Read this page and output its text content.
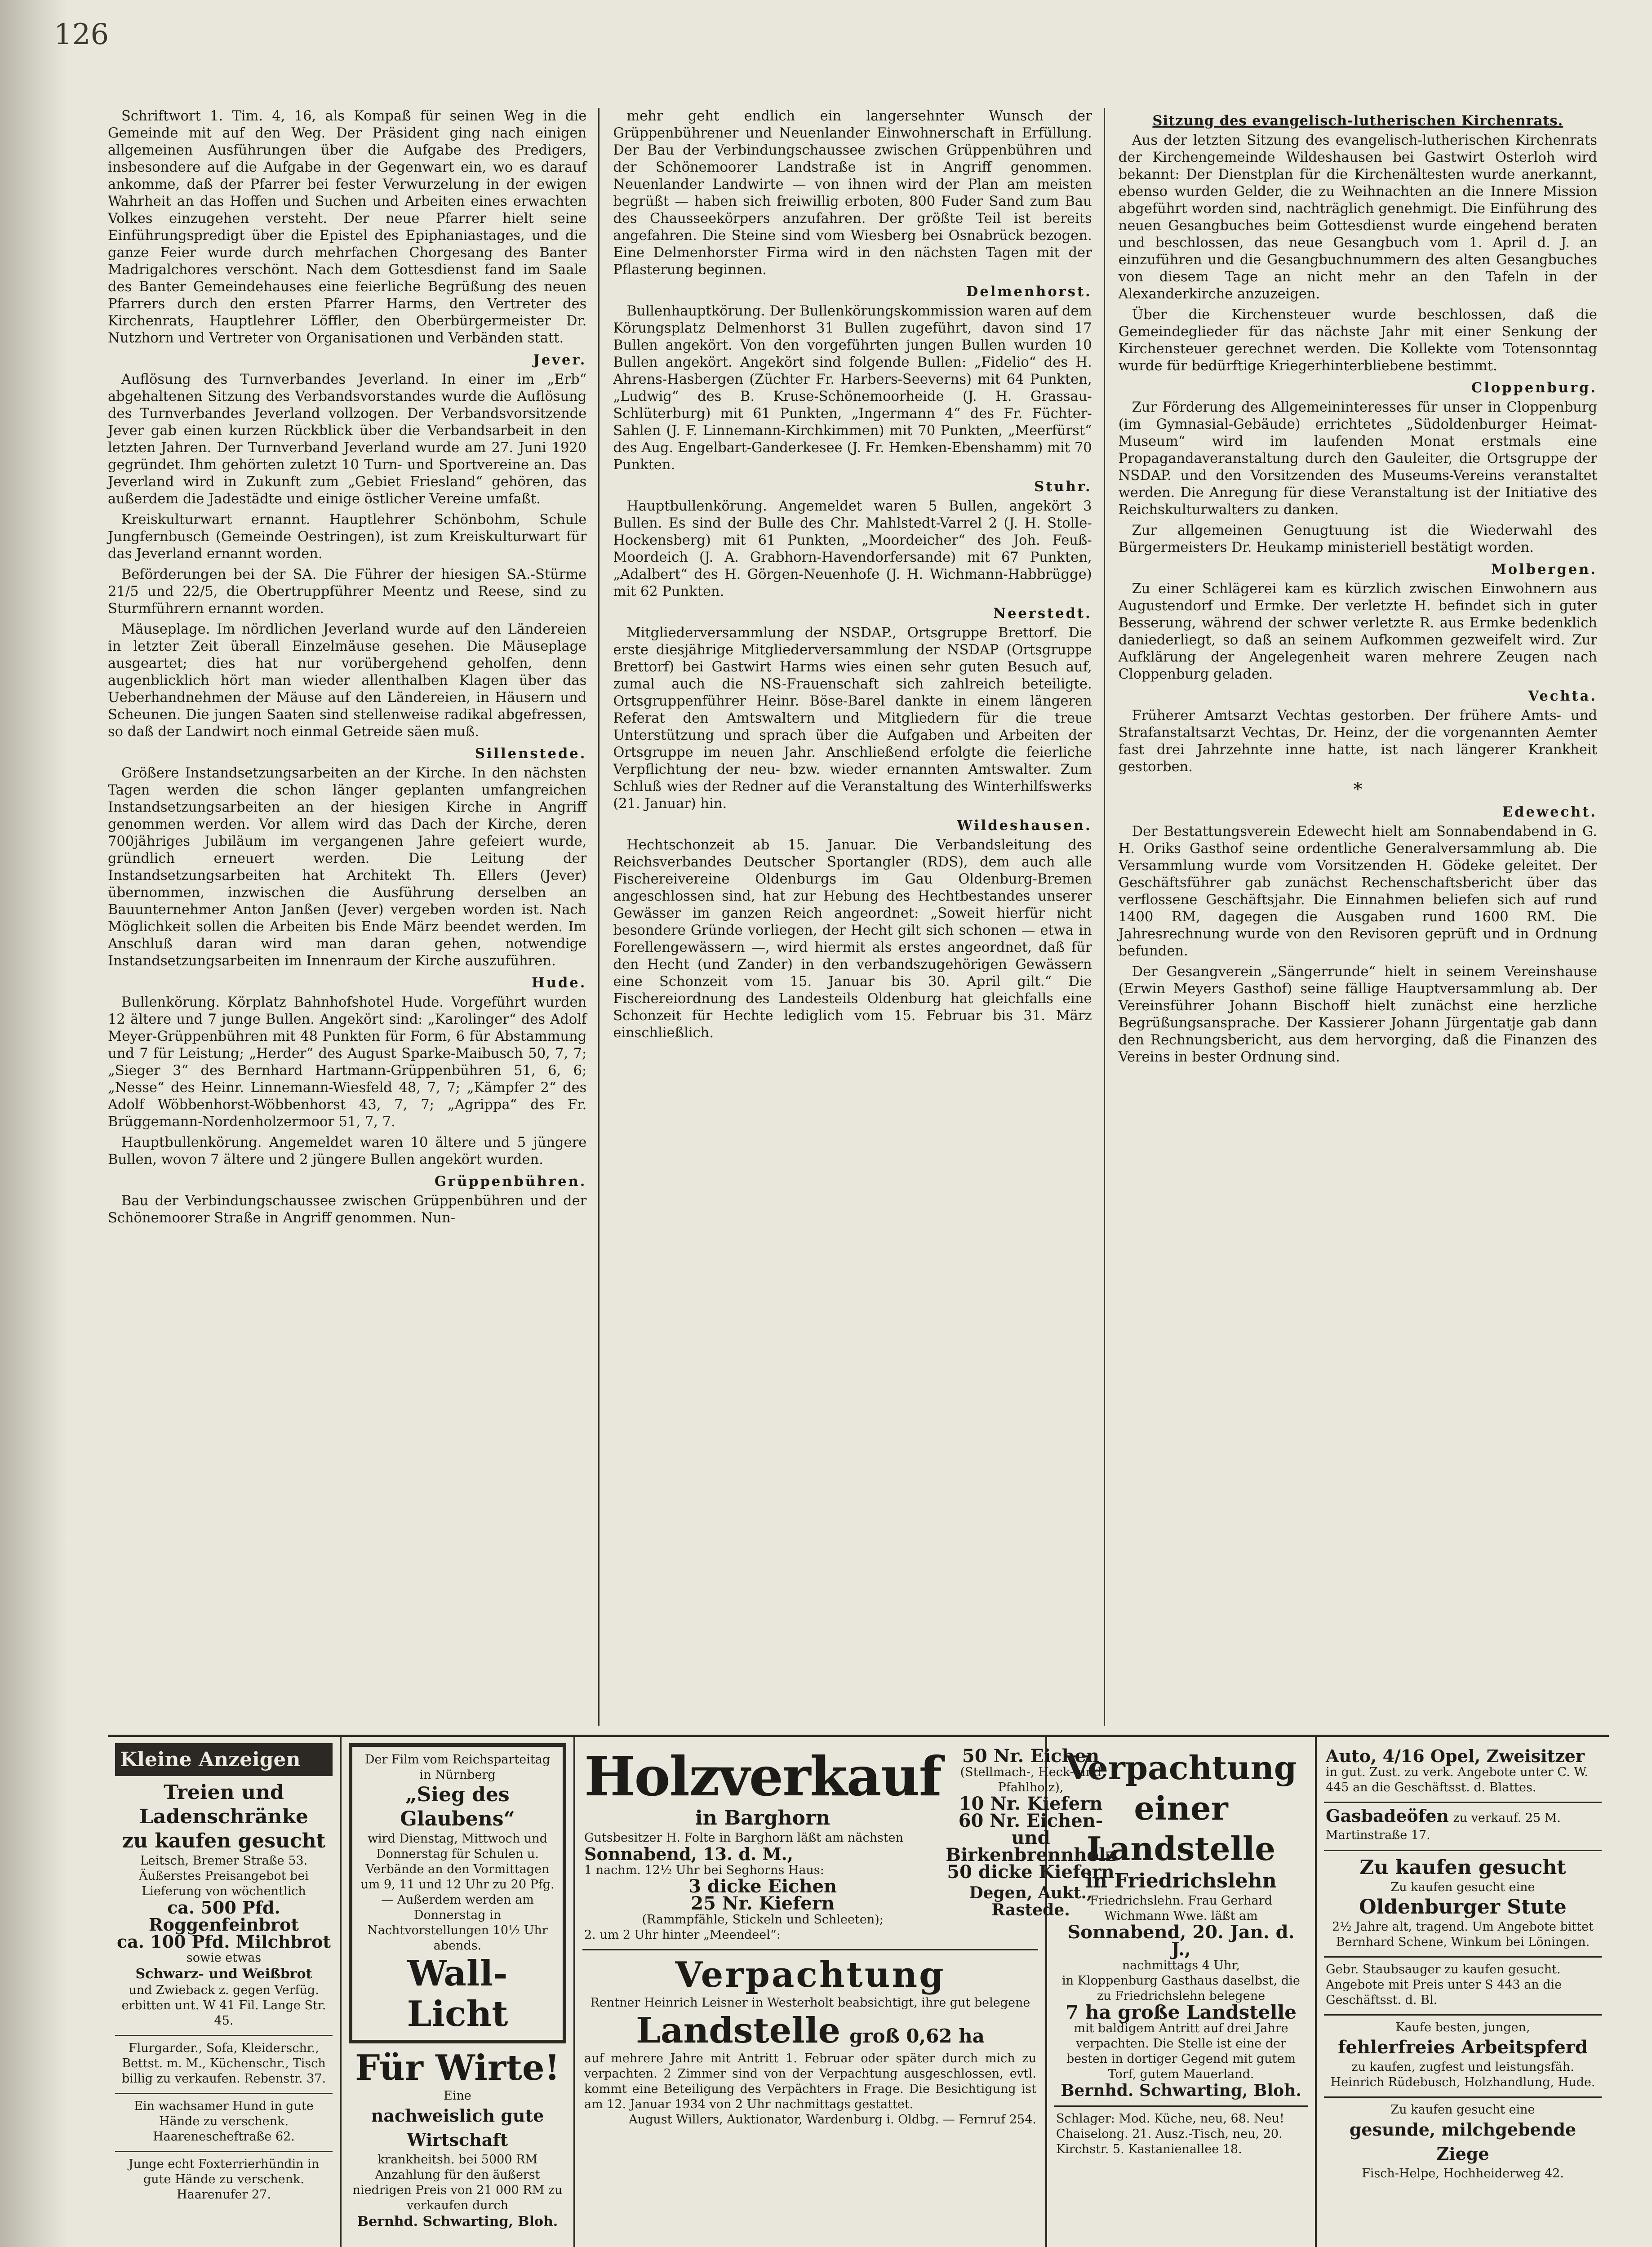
126

Schriftwort 1. Tim. 4, 16, als Kompaß für seinen Weg in die Gemeinde mit auf den Weg. Der Präsident ging nach einigen allgemeinen Ausführungen über die Aufgabe des Predigers, insbesondere auf die Aufgabe in der Gegenwart ein, wo es darauf ankomme, daß der Pfarrer bei fester Verwurzelung in der ewigen Wahrheit an das Hoffen und Suchen und Arbeiten eines erwachten Volkes einzugehen versteht. Der neue Pfarrer hielt seine Einführungspredigt über die Epistel des Epiphaniastages, und die ganze Feier wurde durch mehrfachen Chorgesang des Banter Madrigalchores verschönt. Nach dem Gottesdienst fand im Saale des Banter Gemeindehauses eine feierliche Begrüßung des neuen Pfarrers durch den ersten Pfarrer Harms, den Vertreter des Kirchenrats, Hauptlehrer Löffler, den Oberbürgermeister Dr. Nutzhorn und Vertreter von Organisationen und Verbänden statt.

Jever.

Auflösung des Turnverbandes Jeverland. In einer im „Erb“ abgehaltenen Sitzung des Verbandsvorstandes wurde die Auflösung des Turnverbandes Jeverland vollzogen. Der Verbandsvorsitzende Jever gab einen kurzen Rückblick über die Verbandsarbeit in den letzten Jahren. Der Turnverband Jeverland wurde am 27. Juni 1920 gegründet. Ihm gehörten zuletzt 10 Turn- und Sportvereine an. Das Jeverland wird in Zukunft zum „Gebiet Friesland“ gehören, das außerdem die Jadestädte und einige östlicher Vereine umfaßt.

Kreiskulturwart ernannt. Hauptlehrer Schönbohm, Schule Jungfernbusch (Gemeinde Oestringen), ist zum Kreiskulturwart für das Jeverland ernannt worden.

Beförderungen bei der SA. Die Führer der hiesigen SA.-Stürme 21/5 und 22/5, die Obertruppführer Meentz und Reese, sind zu Sturmführern ernannt worden.

Mäuseplage. Im nördlichen Jeverland wurde auf den Ländereien in letzter Zeit überall Einzelmäuse gesehen. Die Mäuseplage ausgeartet; dies hat nur vorübergehend geholfen, denn augenblicklich hört man wieder allenthalben Klagen über das Ueberhandnehmen der Mäuse auf den Ländereien, in Häusern und Scheunen. Die jungen Saaten sind stellenweise radikal abgefressen, so daß der Landwirt noch einmal Getreide säen muß.

Sillenstede.

Größere Instandsetzungsarbeiten an der Kirche. In den nächsten Tagen werden die schon länger geplanten umfangreichen Instandsetzungsarbeiten an der hiesigen Kirche in Angriff genommen werden. Vor allem wird das Dach der Kirche, deren 700jähriges Jubiläum im vergangenen Jahre gefeiert wurde, gründlich erneuert werden. Die Leitung der Instandsetzungsarbeiten hat Architekt Th. Ellers (Jever) übernommen, inzwischen die Ausführung derselben an Bauunternehmer Anton Janßen (Jever) vergeben worden ist. Nach Möglichkeit sollen die Arbeiten bis Ende März beendet werden. Im Anschluß daran wird man daran gehen, notwendige Instandsetzungsarbeiten im Innenraum der Kirche auszuführen.

Hude.

Bullenkörung. Körplatz Bahnhofshotel Hude. Vorgeführt wurden 12 ältere und 7 junge Bullen. Angekört sind: „Karolinger“ des Adolf Meyer-Grüppenbühren mit 48 Punkten für Form, 6 für Abstammung und 7 für Leistung; „Herder“ des August Sparke-Maibusch 50, 7, 7; „Sieger 3“ des Bernhard Hartmann-Grüppenbühren 51, 6, 6; „Nesse“ des Heinr. Linnemann-Wiesfeld 48, 7, 7; „Kämpfer 2“ des Adolf Wöbbenhorst-Wöbbenhorst 43, 7, 7; „Agrippa“ des Fr. Brüggemann-Nordenholzermoor 51, 7, 7.

Hauptbullenkörung. Angemeldet waren 10 ältere und 5 jüngere Bullen, wovon 7 ältere und 2 jüngere Bullen angekört wurden.

Grüppenbühren.

Bau der Verbindungschaussee zwischen Grüppenbühren und der Schönemoorer Straße in Angriff genommen. Nun-

mehr geht endlich ein langersehnter Wunsch der Grüppenbührener und Neuenlander Einwohnerschaft in Erfüllung. Der Bau der Verbindungschaussee zwischen Grüppenbühren und der Schönemoorer Landstraße ist in Angriff genommen. Neuenlander Landwirte — von ihnen wird der Plan am meisten begrüßt — haben sich freiwillig erboten, 800 Fuder Sand zum Bau des Chausseekörpers anzufahren. Der größte Teil ist bereits angefahren. Die Steine sind vom Wiesberg bei Osnabrück bezogen. Eine Delmenhorster Firma wird in den nächsten Tagen mit der Pflasterung beginnen.

Delmenhorst.

Bullenhauptkörung. Der Bullenkörungskommission waren auf dem Körungsplatz Delmenhorst 31 Bullen zugeführt, davon sind 17 Bullen angekört. Von den vorgeführten jungen Bullen wurden 10 Bullen angekört. Angekört sind folgende Bullen: „Fidelio“ des H. Ahrens-Hasbergen (Züchter Fr. Harbers-Seeverns) mit 64 Punkten, „Ludwig“ des B. Kruse-Schönemoorheide (J. H. Grassau-Schlüterburg) mit 61 Punkten, „Ingermann 4“ des Fr. Füchter-Sahlen (J. F. Linnemann-Kirchkimmen) mit 70 Punkten, „Meerfürst“ des Aug. Engelbart-Ganderkesee (J. Fr. Hemken-Ebenshamm) mit 70 Punkten.

Stuhr.

Hauptbullenkörung. Angemeldet waren 5 Bullen, angekört 3 Bullen. Es sind der Bulle des Chr. Mahlstedt-Varrel 2 (J. H. Stolle-Hockensberg) mit 61 Punkten, „Moordeicher“ des Joh. Feuß-Moordeich (J. A. Grabhorn-Havendorfersande) mit 67 Punkten, „Adalbert“ des H. Görgen-Neuenhofe (J. H. Wichmann-Habbrügge) mit 62 Punkten.

Neerstedt.

Mitgliederversammlung der NSDAP., Ortsgruppe Brettorf. Die erste diesjährige Mitgliederversammlung der NSDAP (Ortsgruppe Brettorf) bei Gastwirt Harms wies einen sehr guten Besuch auf, zumal auch die NS-Frauenschaft sich zahlreich beteiligte. Ortsgruppenführer Heinr. Böse-Barel dankte in einem längeren Referat den Amtswaltern und Mitgliedern für die treue Unterstützung und sprach über die Aufgaben und Arbeiten der Ortsgruppe im neuen Jahr. Anschließend erfolgte die feierliche Verpflichtung der neu- bzw. wieder ernannten Amtswalter. Zum Schluß wies der Redner auf die Veranstaltung des Winterhilfswerks (21. Januar) hin.

Wildeshausen.

Hechtschonzeit ab 15. Januar. Die Verbandsleitung des Reichsverbandes Deutscher Sportangler (RDS), dem auch alle Fischereivereine Oldenburgs im Gau Oldenburg-Bremen angeschlossen sind, hat zur Hebung des Hechtbestandes unserer Gewässer im ganzen Reich angeordnet: „Soweit hierfür nicht besondere Gründe vorliegen, der Hecht gilt sich schonen — etwa in Forellengewässern —, wird hiermit als erstes angeordnet, daß für den Hecht (und Zander) in den verbandszugehörigen Gewässern eine Schonzeit vom 15. Januar bis 30. April gilt.“ Die Fischereiordnung des Landesteils Oldenburg hat gleichfalls eine Schonzeit für Hechte lediglich vom 15. Februar bis 31. März einschließlich.

Sitzung des evangelisch-lutherischen Kirchenrats.

Aus der letzten Sitzung des evangelisch-lutherischen Kirchenrats der Kirchengemeinde Wildeshausen bei Gastwirt Osterloh wird bekannt: Der Dienstplan für die Kirchenältesten wurde anerkannt, ebenso wurden Gelder, die zu Weihnachten an die Innere Mission abgeführt worden sind, nachträglich genehmigt. Die Einführung des neuen Gesangbuches beim Gottesdienst wurde eingehend beraten und beschlossen, das neue Gesangbuch vom 1. April d. J. an einzuführen und die Gesangbuchnummern des alten Gesangbuches von diesem Tage an nicht mehr an den Tafeln in der Alexanderkirche anzuzeigen.

Über die Kirchensteuer wurde beschlossen, daß die Gemeindeglieder für das nächste Jahr mit einer Senkung der Kirchensteuer gerechnet werden. Die Kollekte vom Totensonntag wurde für bedürftige Kriegerhinterbliebene bestimmt.

Cloppenburg.

Zur Förderung des Allgemeininteresses für unser in Cloppenburg (im Gymnasial-Gebäude) errichtetes „Südoldenburger Heimat-Museum“ wird im laufenden Monat erstmals eine Propagandaveranstaltung durch den Gauleiter, die Ortsgruppe der NSDAP. und den Vorsitzenden des Museums-Vereins veranstaltet werden. Die Anregung für diese Veranstaltung ist der Initiative des Reichskulturwalters zu danken.

Zur allgemeinen Genugtuung ist die Wiederwahl des Bürgermeisters Dr. Heukamp ministeriell bestätigt worden.

Molbergen.

Zu einer Schlägerei kam es kürzlich zwischen Einwohnern aus Augustendorf und Ermke. Der verletzte H. befindet sich in guter Besserung, während der schwer verletzte R. aus Ermke bedenklich daniederliegt, so daß an seinem Aufkommen gezweifelt wird. Zur Aufklärung der Angelegenheit waren mehrere Zeugen nach Cloppenburg geladen.

Vechta.

Früherer Amtsarzt Vechtas gestorben. Der frühere Amts- und Strafanstaltsarzt Vechtas, Dr. Heinz, der die vorgenannten Aemter fast drei Jahrzehnte inne hatte, ist nach längerer Krankheit gestorben.

*

Edewecht.

Der Bestattungsverein Edewecht hielt am Sonnabendabend in G. H. Oriks Gasthof seine ordentliche Generalversammlung ab. Die Versammlung wurde vom Vorsitzenden H. Gödeke geleitet. Der Geschäftsführer gab zunächst Rechenschaftsbericht über das verflossene Geschäftsjahr. Die Einnahmen beliefen sich auf rund 1400 RM, dagegen die Ausgaben rund 1600 RM. Die Jahresrechnung wurde von den Revisoren geprüft und in Ordnung befunden.

Der Gesangverein „Sängerrunde“ hielt in seinem Vereinshause (Erwin Meyers Gasthof) seine fällige Hauptversammlung ab. Der Vereinsführer Johann Bischoff hielt zunächst eine herzliche Begrüßungsansprache. Der Kassierer Johann Jürgentatje gab dann den Rechnungsbericht, aus dem hervorging, daß die Finanzen des Vereins in bester Ordnung sind.

Kleine Anzeigen
Treien und Ladenschränke
zu kaufen gesucht
Leitsch, Bremer Straße 53. Äußerstes Preisangebot bei Lieferung von wöchentlich
ca. 500 Pfd. Roggenfeinbrot
ca. 100 Pfd. Milchbrot
sowie etwas
Schwarz- und Weißbrot
und Zwieback z. gegen Verfüg. erbitten unt. W 41 Fil. Lange Str. 45.
Flurgarder., Sofa, Kleiderschr., Bettst. m. M., Küchenschr., Tisch billig zu verkaufen. Rebenstr. 37.
Ein wachsamer Hund in gute Hände zu verschenk. Haarenescheftraße 62.
Junge echt Foxterrierhündin in gute Hände zu verschenk. Haarenufer 27.
Der Film vom Reichsparteitag in Nürnberg
„Sieg des Glaubens“
wird Dienstag, Mittwoch und Donnerstag für Schulen u. Verbände an den Vormittagen um 9, 11 und 12 Uhr zu 20 Pfg. — Außerdem werden am Donnerstag in Nachtvorstellungen 10½ Uhr abends.
Wall-Licht
Für Wirte!
Eine
nachweislich gute Wirtschaft
krankheitsh. bei 5000 RM Anzahlung für den äußerst niedrigen Preis von 21 000 RM zu verkaufen durch
Bernhd. Schwarting, Bloh.
Holzverkauf
in Barghorn
Gutsbesitzer H. Folte in Barghorn läßt am nächsten
Sonnabend, 13. d. M.,
1 nachm. 12½ Uhr bei Seghorns Haus:
3 dicke Eichen
25 Nr. Kiefern
(Rammpfähle, Stickeln und Schleeten);
2. um 2 Uhr hinter „Meendeel“:
50 Nr. Eichen
(Stellmach-, Heck- und Pfahlholz),
10 Nr. Kiefern
60 Nr. Eichen- und Birkenbrennholz
50 dicke Kiefern
Degen, Aukt., Rastede.
Verpachtung
Rentner Heinrich Leisner in Westerholt beabsichtigt, ihre gut belegene
Landstelle groß 0,62 ha
auf mehrere Jahre mit Antritt 1. Februar oder später durch mich zu verpachten. 2 Zimmer sind von der Verpachtung ausgeschlossen, evtl. kommt eine Beteiligung des Verpächters in Frage. Die Besichtigung ist am 12. Januar 1934 von 2 Uhr nachmittags gestattet.
August Willers, Auktionator, Wardenburg i. Oldbg. — Fernruf 254.
Verpachtung
einer Landstelle
in Friedrichslehn
Friedrichslehn. Frau Gerhard Wichmann Wwe. läßt am
Sonnabend, 20. Jan. d. J.,
nachmittags 4 Uhr,
in Kloppenburg Gasthaus daselbst, die zu Friedrichslehn belegene
7 ha große Landstelle
mit baldigem Antritt auf drei Jahre verpachten. Die Stelle ist eine der besten in dortiger Gegend mit gutem Torf, gutem Mauerland.
Bernhd. Schwarting, Bloh.
Schlager: Mod. Küche, neu, 68. Neu! Chaiselong. 21. Ausz.-Tisch, neu, 20. Kirchstr. 5. Kastanienallee 18.
Auto, 4/16 Opel, Zweisitzer
in gut. Zust. zu verk. Angebote unter C. W. 445 an die Geschäftsst. d. Blattes.
Gasbadeöfen zu verkauf. 25 M. Martinstraße 17.
Zu kaufen gesucht
Zu kaufen gesucht eine
Oldenburger Stute
2½ Jahre alt, tragend. Um Angebote bittet Bernhard Schene, Winkum bei Löningen.
Gebr. Staubsauger zu kaufen gesucht. Angebote mit Preis unter S 443 an die Geschäftsst. d. Bl.
Kaufe besten, jungen,
fehlerfreies Arbeitspferd
zu kaufen, zugfest und leistungsfäh. Heinrich Rüdebusch, Holzhandlung, Hude.
Zu kaufen gesucht eine
gesunde, milchgebende Ziege
Fisch-Helpe, Hochheiderweg 42.
